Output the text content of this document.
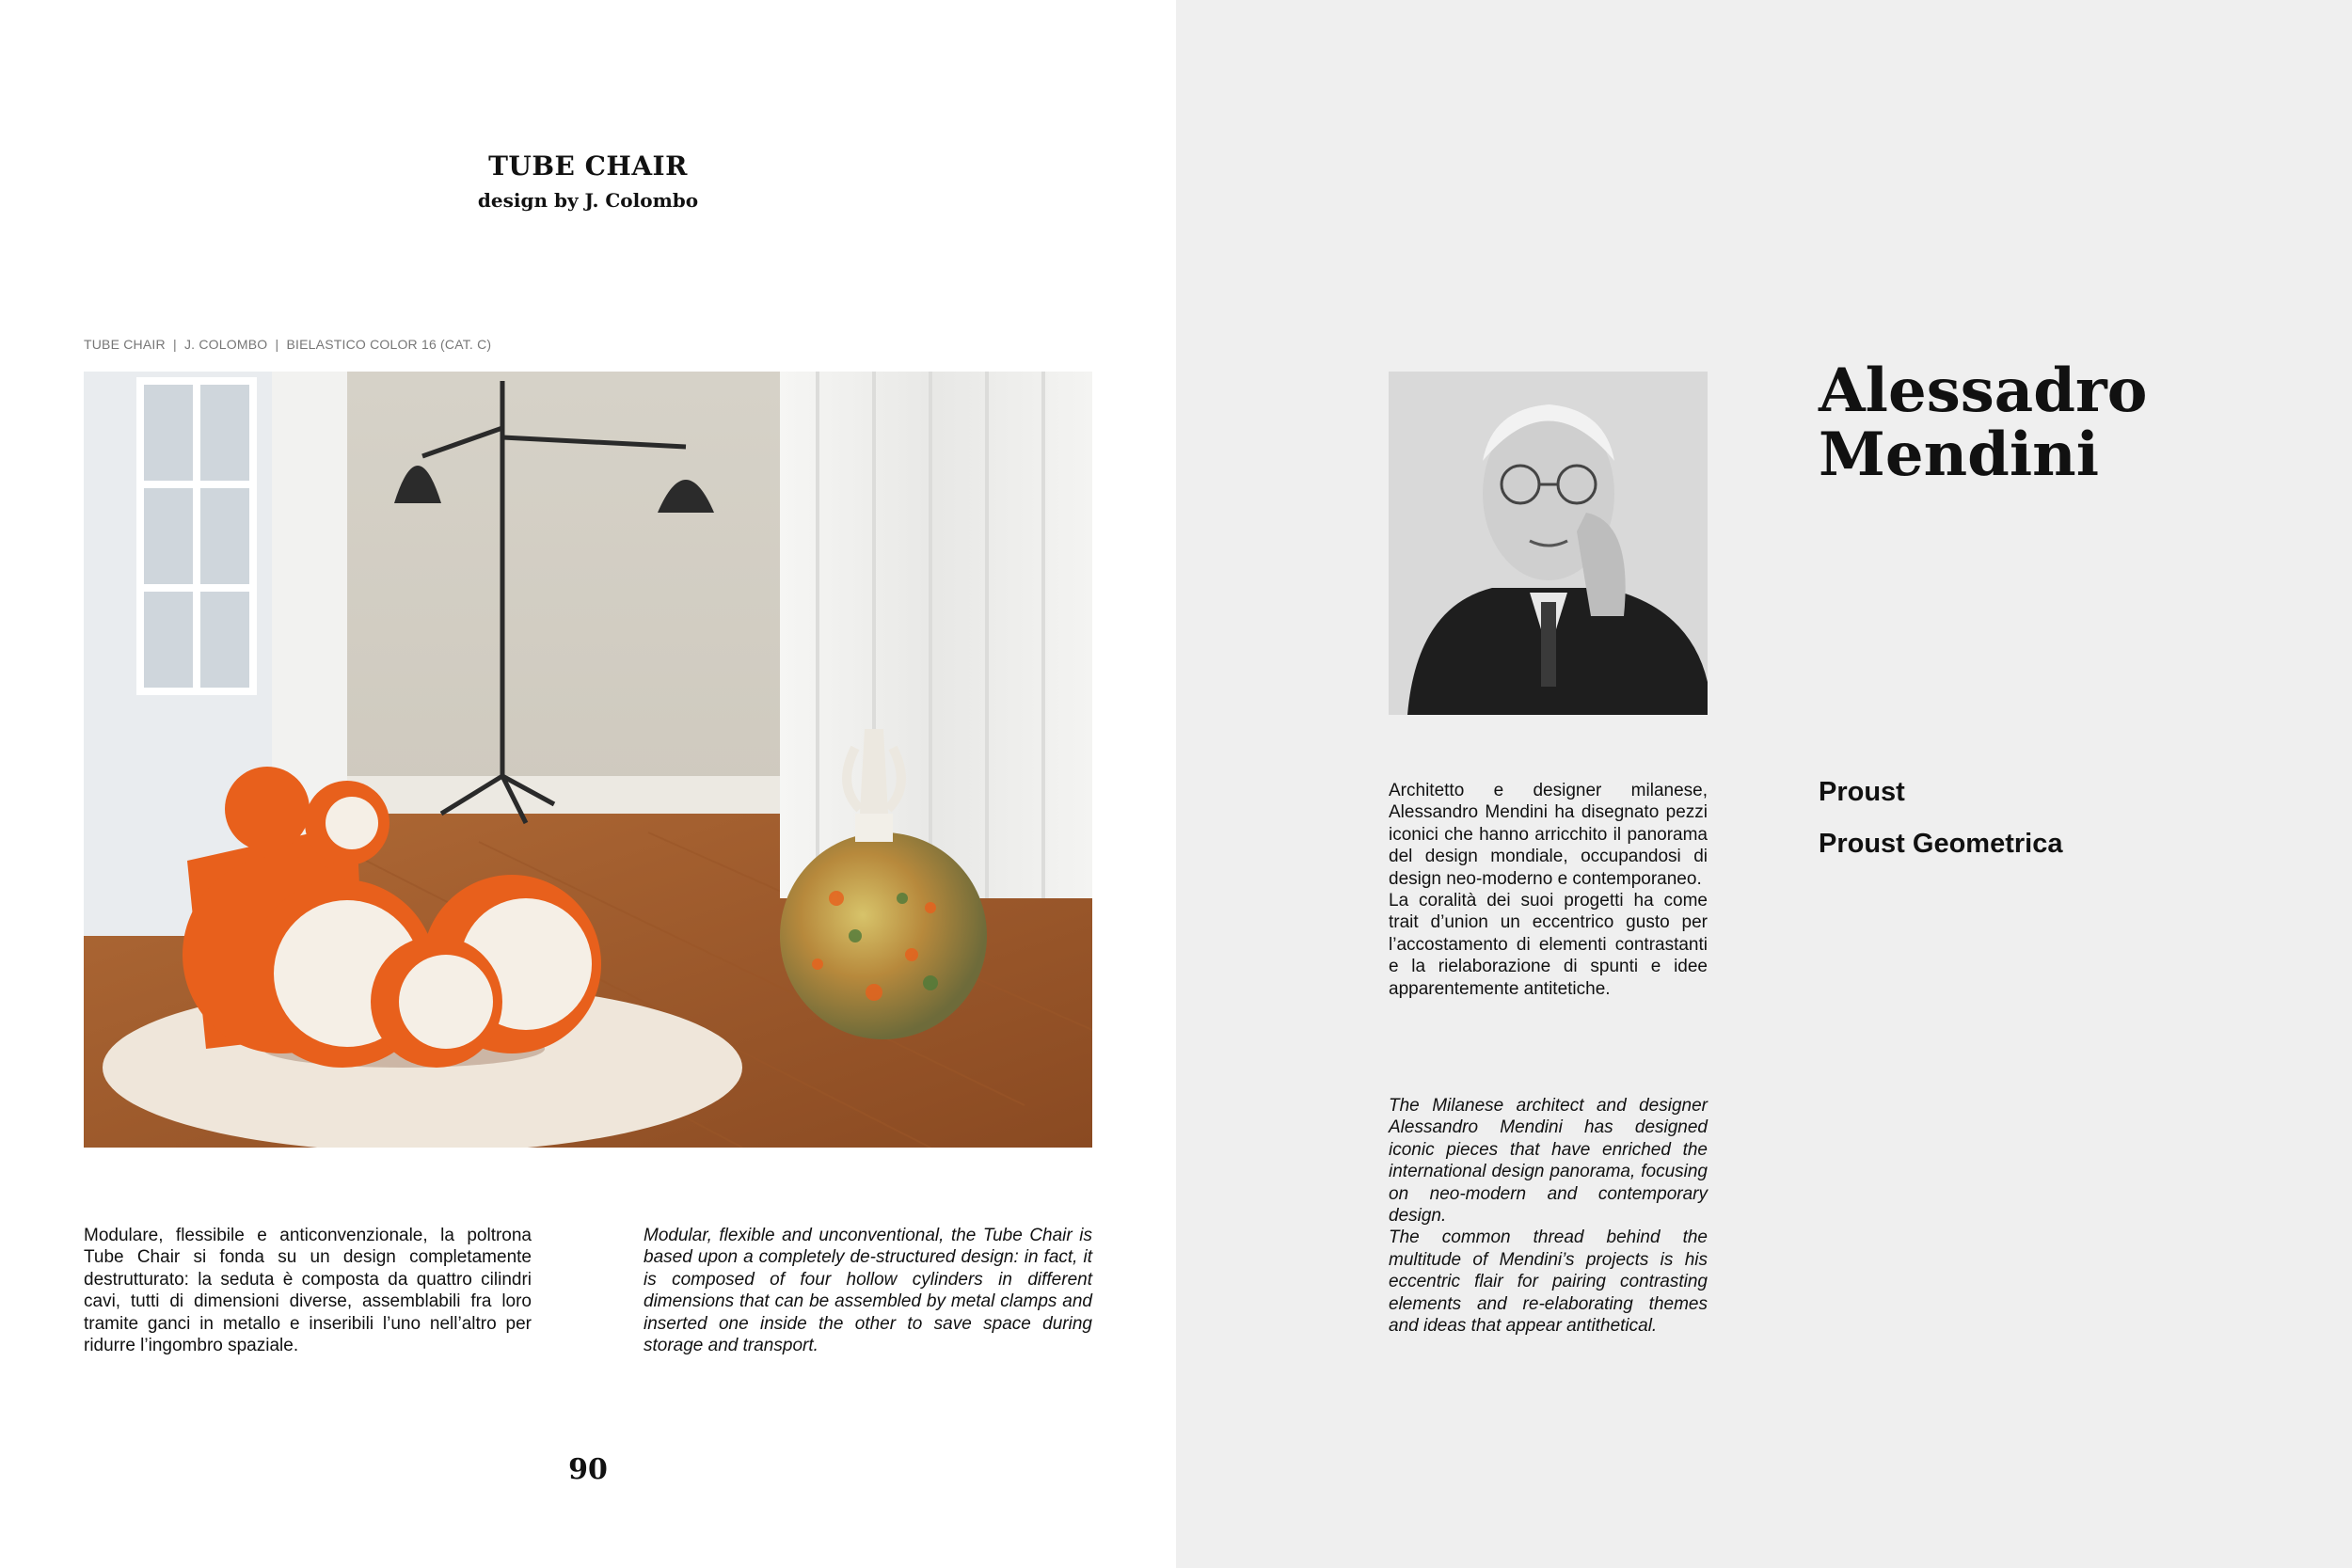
TUBE CHAIR
design by J. Colombo
TUBE CHAIR  |  J. COLOMBO  |  BIELASTICO COLOR 16 (CAT. C)
Modulare, flessibile e anticonvenzionale, la poltrona Tube Chair si fonda su un design completamente destrutturato: la seduta è composta da quattro cilindri cavi, tutti di dimensioni diverse, assemblabili fra loro tramite ganci in metallo e inseribili l’uno nell’altro per ridurre l’ingombro spaziale.
Modular, flexible and unconventional, the Tube Chair is based upon a completely de-structured design: in fact, it is composed of four hollow cylinders in different dimensions that can be assembled by metal clamps and inserted one inside the other to save space during storage and transport.
90
Alessadro
Mendini
Proust
Proust Geometrica
Architetto e designer milanese, Alessandro Mendini ha disegnato pezzi iconici che hanno arricchito il panorama del design mondiale, occupandosi di design neo-moderno e contemporaneo.
La coralità dei suoi progetti ha come trait d’union un eccentrico gusto per l’accostamento di elementi contrastanti e la rielaborazione di spunti e idee apparentemente antitetiche.
The Milanese architect and designer Alessandro Mendini has designed iconic pieces that have enriched the international design panorama, focusing on neo-modern and contemporary design.
The common thread behind the multitude of Mendini’s projects is his eccentric flair for pairing contrasting elements and re-elaborating themes and ideas that appear antithetical.
